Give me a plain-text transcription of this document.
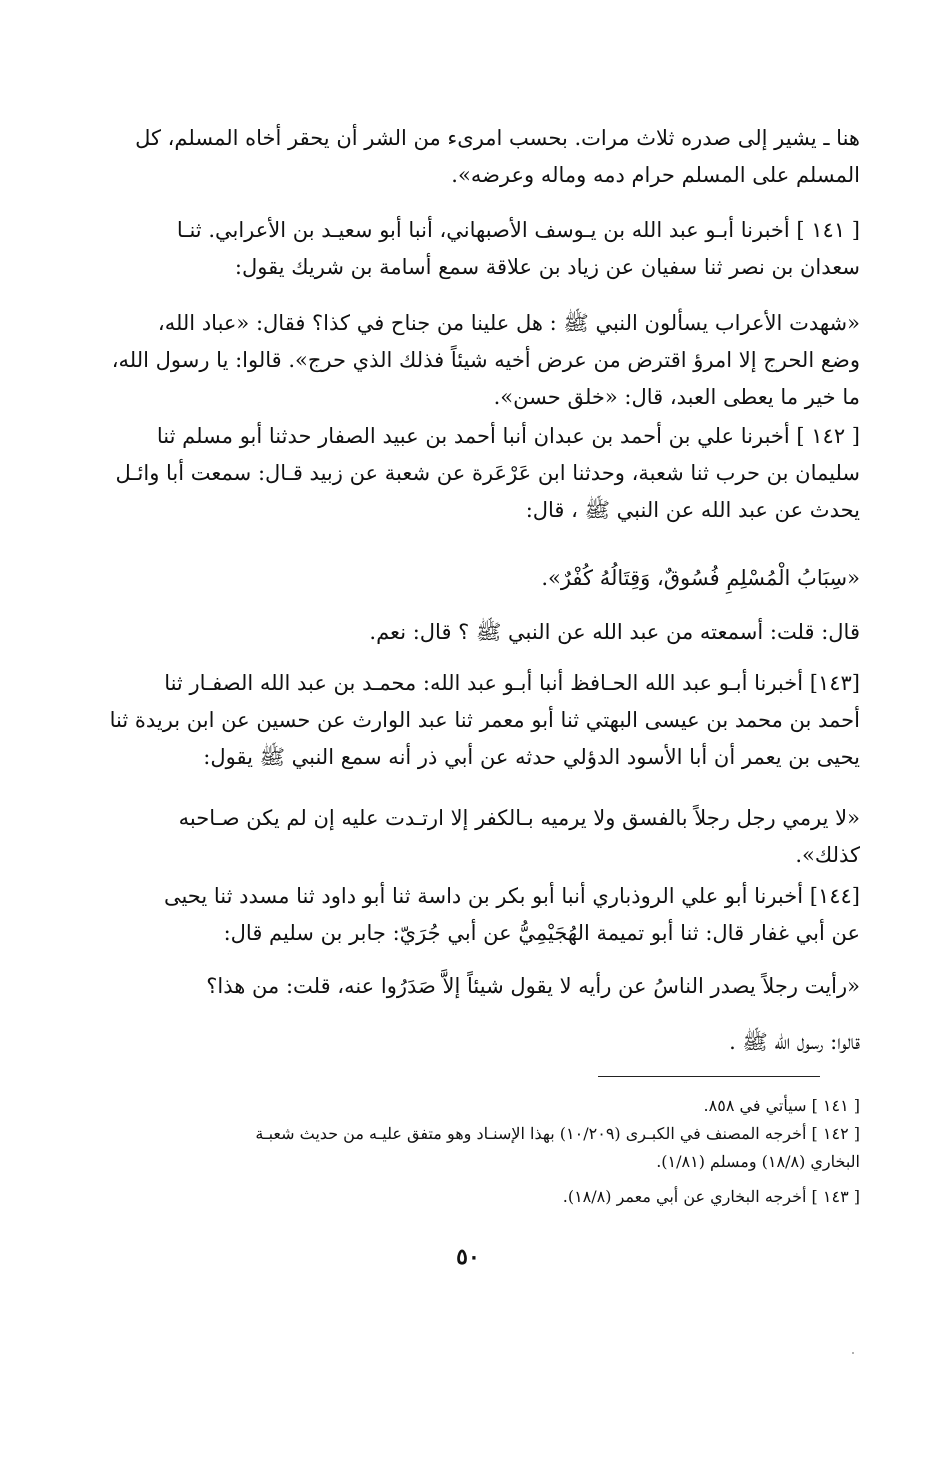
هنا ـ يشير إلى صدره ثلاث مرات. بحسب امرىء من الشر أن يحقر أخاه المسلم، كل
المسلم على المسلم حرام دمه وماله وعرضه».

[ ١٤١ ] أخبرنا أبـو عبد الله بن يـوسف الأصبهاني، أنبا أبو سعيـد بن الأعرابي. ثنـا
سعدان بن نصر ثنا سفيان عن زياد بن علاقة سمع أسامة بن شريك يقول:

«شهدت الأعراب يسألون النبي ﷺ : هل علينا من جناح في كذا؟ فقال: «عباد الله،
وضع الحرج إلا امرؤ اقترض من عرض أخيه شيئاً فذلك الذي حرج». قالوا: يا رسول الله،
ما خير ما يعطى العبد، قال: «خلق حسن».

[ ١٤٢ ] أخبرنا علي بن أحمد بن عبدان أنبا أحمد بن عبيد الصفار حدثنا أبو مسلم ثنا
سليمان بن حرب ثنا شعبة، وحدثنا ابن عَرْعَرة عن شعبة عن زبيد قـال: سمعت أبا وائـل
يحدث عن عبد الله عن النبي ﷺ ، قال:

«سِبَابُ الْمُسْلِمِ فُسُوقٌ، وَقِتَالُهُ كُفْرٌ».

قال: قلت: أسمعته من عبد الله عن النبي ﷺ ؟ قال: نعم.

[١٤٣] أخبرنا أبـو عبد الله الحـافظ أنبا أبـو عبد الله: محمـد بن عبد الله الصفـار ثنا
أحمد بن محمد بن عيسى البهتي ثنا أبو معمر ثنا عبد الوارث عن حسين عن ابن بريدة ثنا
يحيى بن يعمر أن أبا الأسود الدؤلي حدثه عن أبي ذر أنه سمع النبي ﷺ يقول:

«لا يرمي رجل رجلاً بالفسق ولا يرميه بـالكفر إلا ارتـدت عليه إن لم يكن صـاحبه
كذلك».

[١٤٤] أخبرنا أبو علي الروذباري أنبا أبو بكر بن داسة ثنا أبو داود ثنا مسدد ثنا يحيى
عن أبي غفار قال: ثنا أبو تميمة الهُجَيْمِيُّ عن أبي جُرَيّ: جابر بن سليم قال:

«رأيت رجلاً يصدر الناسُ عن رأيه لا يقول شيئاً إلاَّ صَدَرُوا عنه، قلت: من هذا؟

قالوا: رسول الله ﷺ .

[ ١٤١ ] سيأتي في ٨٥٨.

[ ١٤٢ ] أخرجه المصنف في الكبـرى (١٠/٢٠٩) بهذا الإسنـاد وهو متفق عليـه من حديث شعبـة
البخاري (١٨/٨) ومسلم (١/٨١).

[ ١٤٣ ] أخرجه البخاري عن أبي معمر (١٨/٨).

٥٠
